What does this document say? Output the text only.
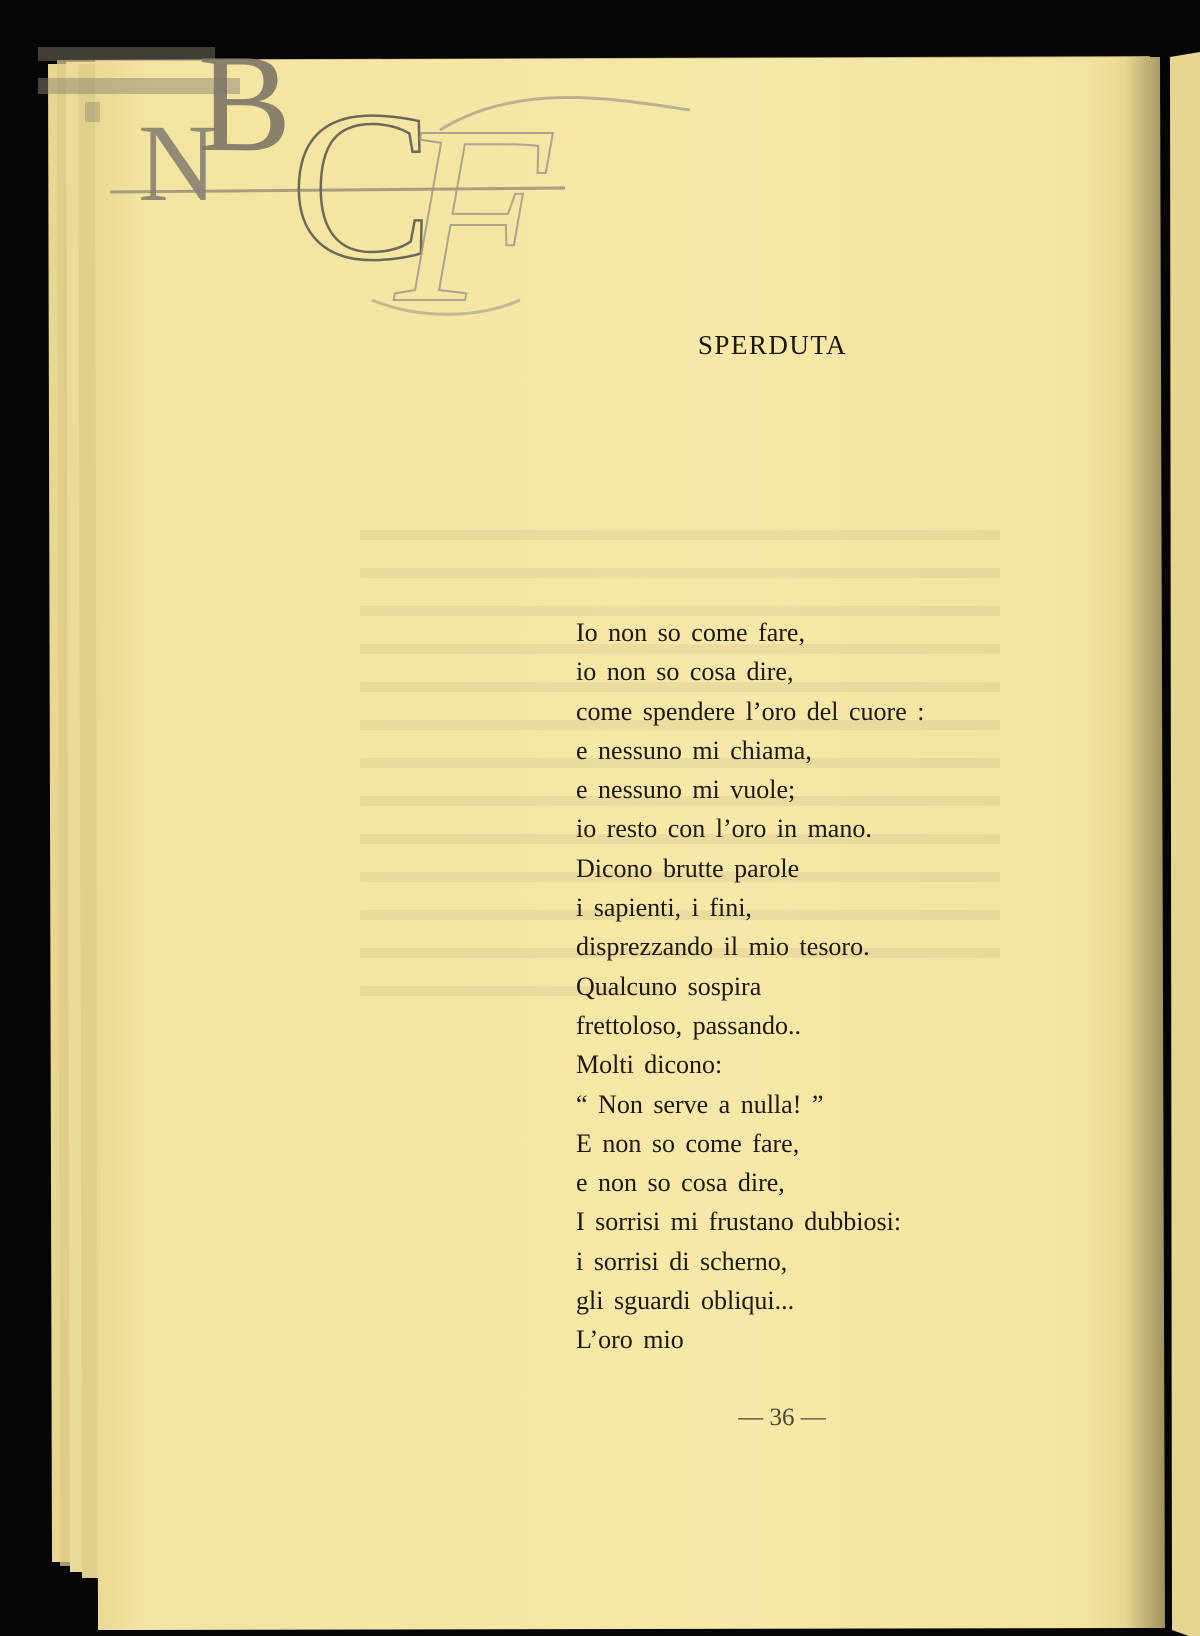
N
B
C
F	SPERDUTA
Io non so come fare,
io non so cosa dire,
come spendere l’oro del cuore :
e nessuno mi chiama,
e nessuno mi vuole;
io resto con l’oro in mano.
Dicono brutte parole
i sapienti, i fini,
disprezzando il mio tesoro.
Qualcuno sospira
frettoloso, passando..
Molti dicono:
“ Non serve a nulla! ”
E non so come fare,
e non so cosa dire,
I sorrisi mi frustano dubbiosi:
i sorrisi di scherno,
gli sguardi obliqui...
L’oro mio
— 36 —
